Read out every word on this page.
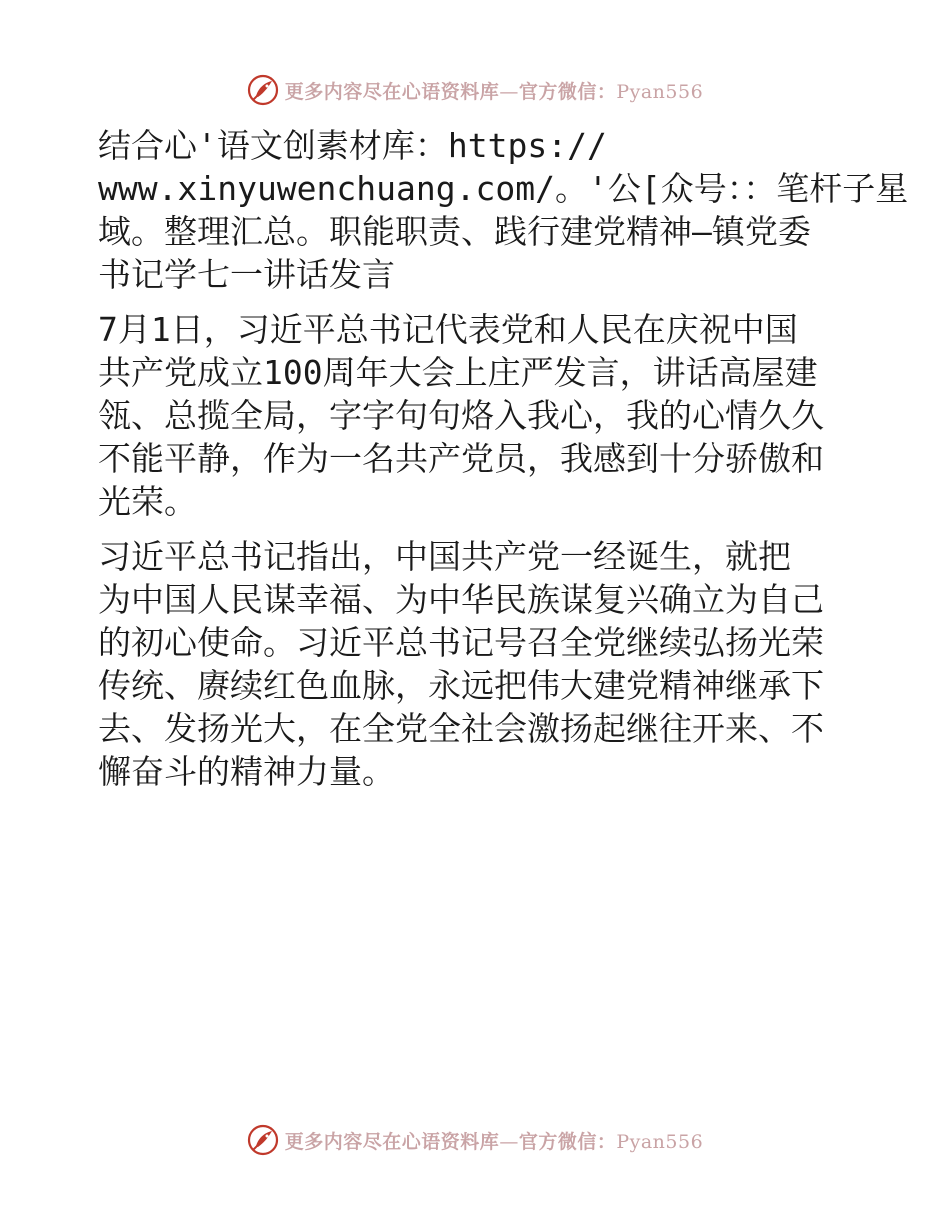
更多内容尽在心语资料库—官方微信：Pyan556

结合心'语文创素材库：https://
www.xinyuwenchuang.com/。'公[众号：：笔杆子星
域。整理汇总。职能职责、践行建党精神—镇党委
书记学七一讲话发言

7月1日，习近平总书记代表党和人民在庆祝中国
共产党成立100周年大会上庄严发言，讲话高屋建
瓴、总揽全局，字字句句烙入我心，我的心情久久
不能平静，作为一名共产党员，我感到十分骄傲和
光荣。

习近平总书记指出，中国共产党一经诞生，就把
为中国人民谋幸福、为中华民族谋复兴确立为自己
的初心使命。习近平总书记号召全党继续弘扬光荣
传统、赓续红色血脉，永远把伟大建党精神继承下
去、发扬光大，在全党全社会激扬起继往开来、不
懈奋斗的精神力量。

更多内容尽在心语资料库—官方微信：Pyan556
